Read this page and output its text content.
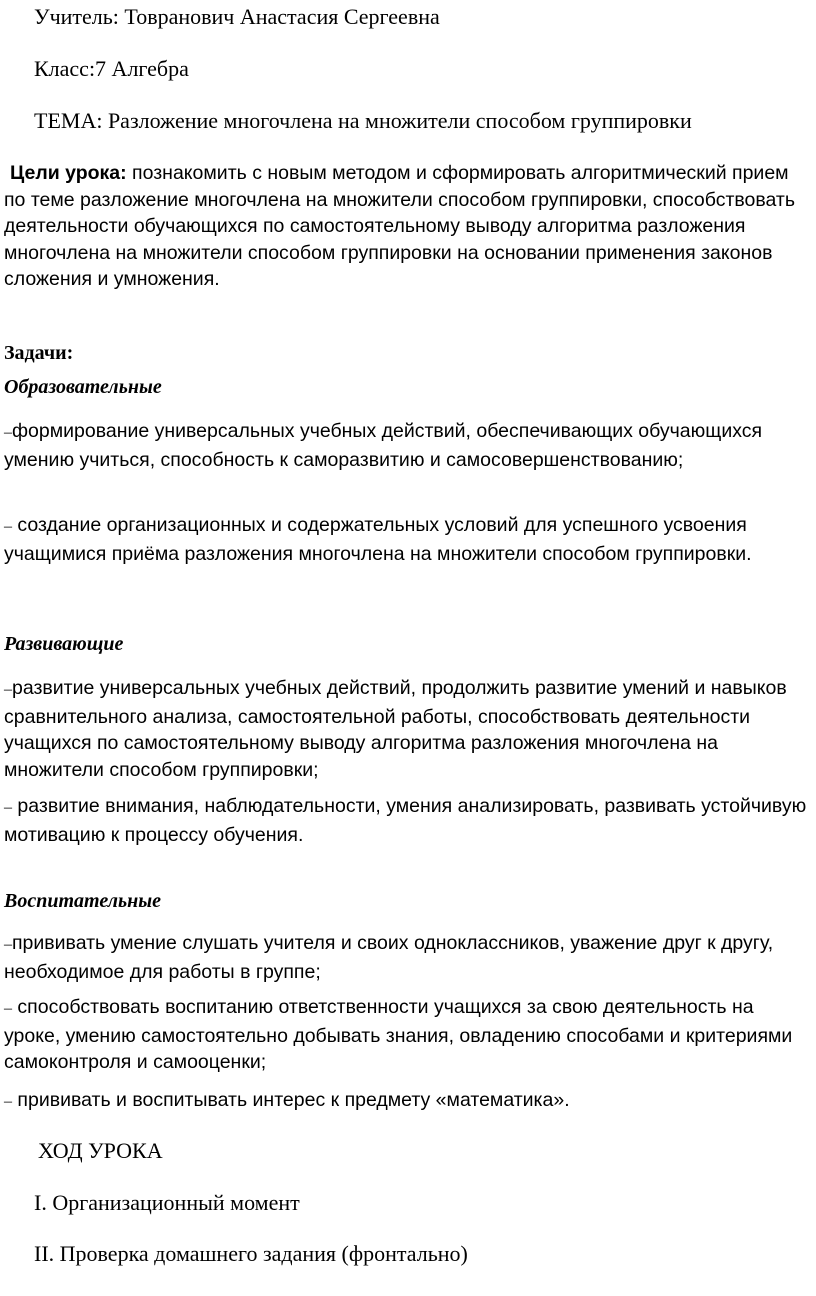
Учитель: Товранович Анастасия Сергеевна

Класс:7 Алгебра

ТЕМА: Разложение многочлена на множители способом группировки

Цели урока: познакомить с новым методом и сформировать алгоритмический прием по теме разложение многочлена на множители способом группировки, способствовать деятельности обучающихся по самостоятельному выводу алгоритма разложения многочлена на множители способом группировки на основании применения законов сложения и умножения.

Задачи:

Образовательные

–формирование универсальных учебных действий, обеспечивающих обучающихся умению учиться, способность к саморазвитию и самосовершенствованию;

– создание организационных и содержательных условий для успешного усвоения учащимися приёма разложения многочлена на множители способом группировки.

Развивающие

–развитие универсальных учебных действий, продолжить развитие умений и навыков сравнительного анализа, самостоятельной работы, способствовать деятельности учащихся по самостоятельному выводу алгоритма разложения многочлена на множители способом группировки;

– развитие внимания, наблюдательности, умения анализировать, развивать устойчивую мотивацию к процессу обучения.

Воспитательные

–прививать умение слушать учителя и своих одноклассников, уважение друг к другу, необходимое для работы в группе;

– способствовать воспитанию ответственности учащихся за свою деятельность на уроке, умению самостоятельно добывать знания, овладению способами и критериями самоконтроля и самооценки;

– прививать и воспитывать интерес к предмету «математика».

ХОД УРОКА

I. Организационный момент

II. Проверка домашнего задания (фронтально)
